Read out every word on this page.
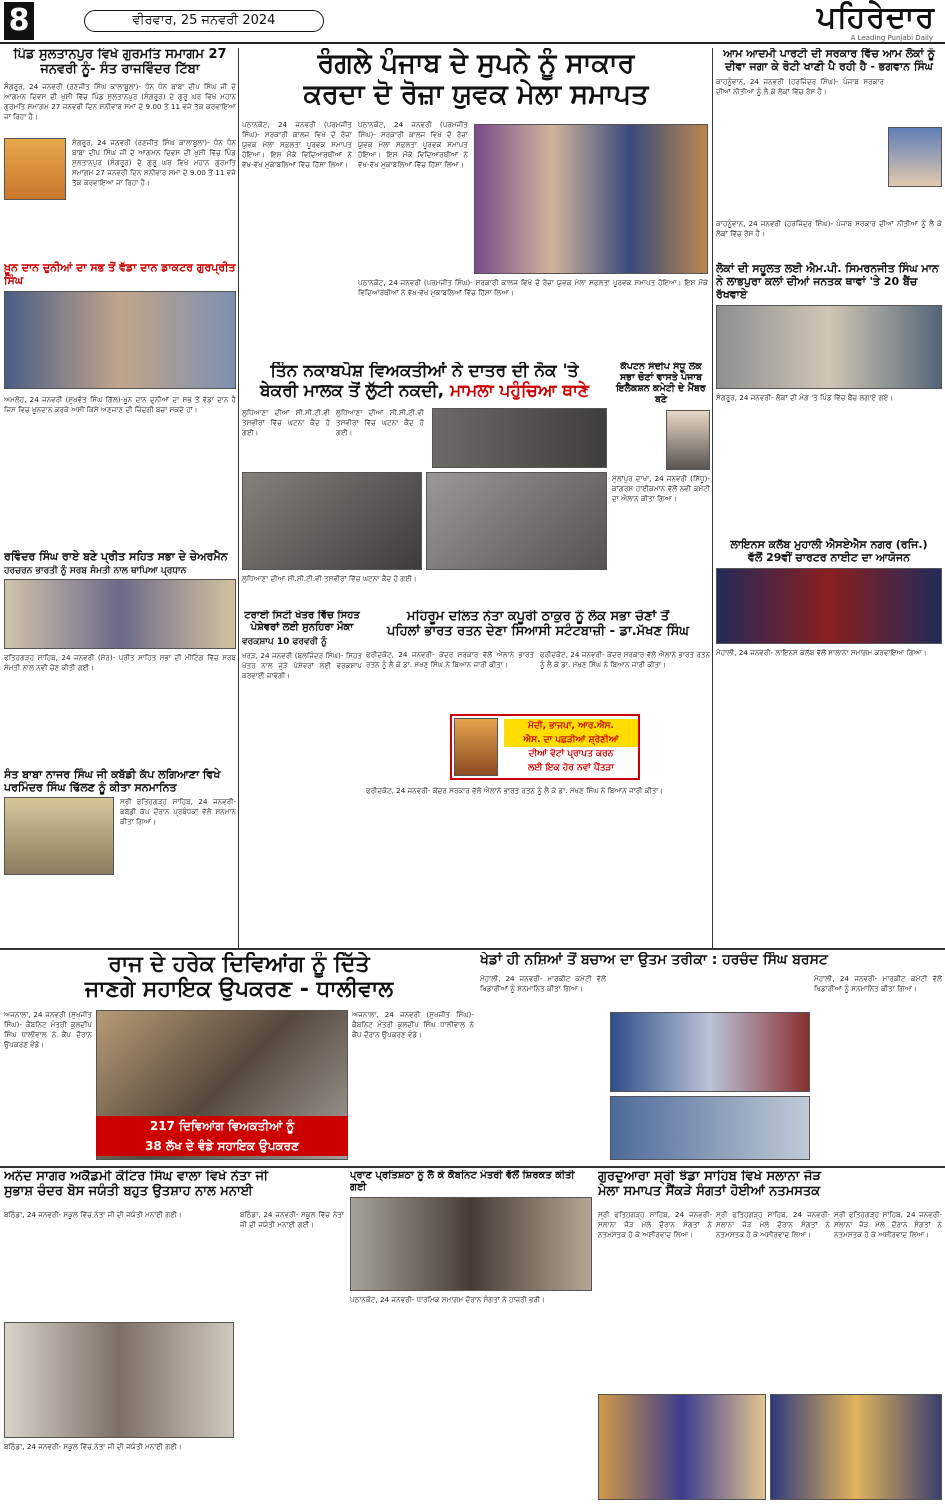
8	ਵੀਰਵਾਰ, 25 ਜਨਵਰੀ 2024	ਪਹਿਰੇਦਾਰ
A Leading Punjabi Daily
ਪਿੰਡ ਸੁਲਤਾਨਪੁਰ ਵਿਖੇ ਗੁਰਮਤਿ ਸਮਾਗਮ 27 ਜਨਵਰੀ ਨੂੰ- ਸੰਤ ਰਾਜਵਿੰਦਰ ਟਿੱਬਾ
ਸੰਗਰੂਰ, 24 ਜਨਵਰੀ (ਰਣਜੀਤ ਸਿੰਘ ਕਾਲਾਬੂਲਾ)- ਧੰਨ ਧੰਨ ਬਾਬਾ ਦੀਪ ਸਿੰਘ ਜੀ ਦੇ ਆਗਮਨ ਦਿਵਸ ਦੀ ਖੁਸ਼ੀ ਵਿੱਚ ਪਿੰਡ ਸੁਲਤਾਨਪੁਰ (ਸੰਗਰੂਰ) ਦੇ ਗੁਰੂ ਘਰ ਵਿਖੇ ਮਹਾਨ ਗੁਰਮਤਿ ਸਮਾਗਮ 27 ਜਨਵਰੀ ਦਿਨ ਸ਼ਨੀਵਾਰ ਸਮਾਂ ਦੇ 9.00 ਤੋਂ 11 ਵਜੇ ਤੱਕ ਕਰਵਾਇਆ ਜਾ ਰਿਹਾ ਹੈ।
ਸੰਗਰੂਰ, 24 ਜਨਵਰੀ (ਰਣਜੀਤ ਸਿੰਘ ਕਾਲਾਬੂਲਾ)- ਧੰਨ ਧੰਨ ਬਾਬਾ ਦੀਪ ਸਿੰਘ ਜੀ ਦੇ ਆਗਮਨ ਦਿਵਸ ਦੀ ਖੁਸ਼ੀ ਵਿੱਚ ਪਿੰਡ ਸੁਲਤਾਨਪੁਰ (ਸੰਗਰੂਰ) ਦੇ ਗੁਰੂ ਘਰ ਵਿਖੇ ਮਹਾਨ ਗੁਰਮਤਿ ਸਮਾਗਮ 27 ਜਨਵਰੀ ਦਿਨ ਸ਼ਨੀਵਾਰ ਸਮਾਂ ਦੇ 9.00 ਤੋਂ 11 ਵਜੇ ਤੱਕ ਕਰਵਾਇਆ ਜਾ ਰਿਹਾ ਹੈ।
ਖ਼ੂਨ ਦਾਨ ਦੁਨੀਆਂ ਦਾ ਸਭ ਤੋਂ ਵੱਡਾ ਦਾਨ ਡਾਕਟਰ ਗੁਰਪ੍ਰੀਤ ਸਿੰਘ
ਅਮਲੋਹ, 24 ਜਨਵਰੀ (ਸੁਖਵੰਤ ਸਿੰਘ ਗਿੱਲ)-ਖ਼ੂਨ ਦਾਨ ਦੁਨੀਆਂ ਦਾ ਸਭ ਤੋਂ ਵੱਡਾ ਦਾਨ ਹੈ ਜਿਸ ਵਿਚ ਖ਼ੂਨਦਾਨ ਕਰਕੇ ਅਸੀਂ ਕਿਸੇ ਅਣਜਾਣ ਦੀ ਜ਼ਿੰਦਗੀ ਬਚਾ ਸਕਦੇ ਹਾਂ।
ਰਵਿੰਦਰ ਸਿੰਘ ਰਾਏ ਬਣੇ ਪ੍ਰੀਤ ਸਹਿਤ ਸਭਾ ਦੇ ਚੇਅਰਮੈਨ
ਹਰਚਰਨ ਭਾਰਤੀ ਨੂੰ ਸਰਬ ਸੰਮਤੀ ਨਾਲ ਥਾਪਿਆ ਪ੍ਰਧਾਨ
ਫਤਿਹਗੜ੍ਹ ਸਾਹਿਬ, 24 ਜਨਵਰੀ (ਸ਼ੇਰ)- ਪ੍ਰੀਤ ਸਾਹਿਤ ਸਭਾ ਦੀ ਮੀਟਿੰਗ ਵਿੱਚ ਸਰਬ ਸੰਮਤੀ ਨਾਲ ਨਵੀਂ ਚੋਣ ਕੀਤੀ ਗਈ।
ਸੰਤ ਬਾਬਾ ਨਾਜਰ ਸਿੰਘ ਜੀ ਕਬੱਡੀ ਕੱਪ ਲਗਿਆਣਾ ਵਿਖੇ ਪਰਮਿੰਦਰ ਸਿੰਘ ਢਿੱਲਣ ਨੂੰ ਕੀਤਾ ਸਨਮਾਨਿਤ
ਸ੍ਰੀ ਫਤਿਹਗੜ੍ਹ ਸਾਹਿਬ, 24 ਜਨਵਰੀ- ਕਬੱਡੀ ਕੱਪ ਦੌਰਾਨ ਪ੍ਰਬੰਧਕਾਂ ਵੱਲੋਂ ਸਨਮਾਨ ਕੀਤਾ ਗਿਆ।
ਰੰਗਲੇ ਪੰਜਾਬ ਦੇ ਸੁਪਨੇ ਨੂੰ ਸਾਕਾਰ
ਕਰਦਾ ਦੋ ਰੋਜ਼ਾ ਯੁਵਕ ਮੇਲਾ ਸਮਾਪਤ
ਪਠਾਨਕੋਟ, 24 ਜਨਵਰੀ (ਪਰਮਜੀਤ ਸਿੰਘ)- ਸਰਕਾਰੀ ਕਾਲਜ ਵਿਖੇ ਦੋ ਰੋਜ਼ਾ ਯੁਵਕ ਮੇਲਾ ਸਫ਼ਲਤਾ ਪੂਰਵਕ ਸਮਾਪਤ ਹੋਇਆ। ਇਸ ਮੌਕੇ ਵਿਦਿਆਰਥੀਆਂ ਨੇ ਵੱਖ-ਵੱਖ ਮੁਕਾਬਲਿਆਂ ਵਿੱਚ ਹਿੱਸਾ ਲਿਆ।
ਪਠਾਨਕੋਟ, 24 ਜਨਵਰੀ (ਪਰਮਜੀਤ ਸਿੰਘ)- ਸਰਕਾਰੀ ਕਾਲਜ ਵਿਖੇ ਦੋ ਰੋਜ਼ਾ ਯੁਵਕ ਮੇਲਾ ਸਫ਼ਲਤਾ ਪੂਰਵਕ ਸਮਾਪਤ ਹੋਇਆ। ਇਸ ਮੌਕੇ ਵਿਦਿਆਰਥੀਆਂ ਨੇ ਵੱਖ-ਵੱਖ ਮੁਕਾਬਲਿਆਂ ਵਿੱਚ ਹਿੱਸਾ ਲਿਆ।
ਪਠਾਨਕੋਟ, 24 ਜਨਵਰੀ (ਪਰਮਜੀਤ ਸਿੰਘ)- ਸਰਕਾਰੀ ਕਾਲਜ ਵਿਖੇ ਦੋ ਰੋਜ਼ਾ ਯੁਵਕ ਮੇਲਾ ਸਫ਼ਲਤਾ ਪੂਰਵਕ ਸਮਾਪਤ ਹੋਇਆ। ਇਸ ਮੌਕੇ ਵਿਦਿਆਰਥੀਆਂ ਨੇ ਵੱਖ-ਵੱਖ ਮੁਕਾਬਲਿਆਂ ਵਿੱਚ ਹਿੱਸਾ ਲਿਆ।
ਤਿੰਨ ਨਕਾਬਪੋਸ਼ ਵਿਅਕਤੀਆਂ ਨੇ ਦਾਤਰ ਦੀ ਨੋਕ 'ਤੇ
ਬੇਕਰੀ ਮਾਲਕ ਤੋਂ ਲੁੱਟੀ ਨਕਦੀ, ਮਾਮਲਾ ਪਹੁੰਚਿਆ ਥਾਣੇ
ਲੁਧਿਆਣਾ ਦੀਆਂ ਸੀ.ਸੀ.ਟੀ.ਵੀ ਤਸਵੀਰਾਂ ਵਿੱਚ ਘਟਨਾ ਕੈਦ ਹੋ ਗਈ।
ਲੁਧਿਆਣਾ ਦੀਆਂ ਸੀ.ਸੀ.ਟੀ.ਵੀ ਤਸਵੀਰਾਂ ਵਿੱਚ ਘਟਨਾ ਕੈਦ ਹੋ ਗਈ।
ਲੁਧਿਆਣਾ ਦੀਆਂ ਸੀ.ਸੀ.ਟੀ.ਵੀ ਤਸਵੀਰਾਂ ਵਿੱਚ ਘਟਨਾ ਕੈਦ ਹੋ ਗਈ।
ਕੈਪਟਨ ਸੰਦੀਪ ਸੰਧੂ ਲੋਕ ਸਭਾ ਚੋਣਾਂ ਵਾਸਤੇ ਪੰਜਾਬ ਇਲੈਕਸ਼ਨ ਕਮੇਟੀ ਦੇ ਮੈਂਬਰ ਬਣੇ
ਮੁੱਲਾਂਪੁਰ ਦਾਖਾ, 24 ਜਨਵਰੀ (ਸਿੱਧੂ)- ਕਾਂਗਰਸ ਹਾਈਕਮਾਨ ਵੱਲੋਂ ਨਵੀਂ ਕਮੇਟੀ ਦਾ ਐਲਾਨ ਕੀਤਾ ਗਿਆ।
ਟਰਾਈ ਸਿਟੀ ਖੇਤਰ ਵਿੱਚ ਸਿਹਤ ਪੇਸ਼ੇਵਰਾਂ ਲਈ ਸੁਨਹਿਰਾ ਮੌਕਾ
ਵਰਕਸ਼ਾਪ 10 ਫਰਵਰੀ ਨੂੰ
ਖਰੜ, 24 ਜਨਵਰੀ (ਬਲਜਿੰਦਰ ਸਿੰਘ)- ਸਿਹਤ ਖੇਤਰ ਨਾਲ ਜੁੜੇ ਪੇਸ਼ੇਵਰਾਂ ਲਈ ਵਰਕਸ਼ਾਪ ਕਰਵਾਈ ਜਾਵੇਗੀ।
ਮਹਿਰੂਮ ਦਲਿਤ ਨੇਤਾ ਕਪੂਰੀ ਠਾਕੁਰ ਨੂੰ ਲੋਕ ਸਭਾ ਚੋਣਾਂ ਤੋਂ
ਪਹਿਲਾਂ ਭਾਰਤ ਰਤਨ ਦੇਣਾ ਸਿਆਸੀ ਸਟੰਟਬਾਜ਼ੀ - ਡਾ.ਮੱਖਣ ਸਿੰਘ
ਫਰੀਦਕੋਟ, 24 ਜਨਵਰੀ- ਕੇਂਦਰ ਸਰਕਾਰ ਵੱਲੋਂ ਐਲਾਨੇ ਭਾਰਤ ਰਤਨ ਨੂੰ ਲੈ ਕੇ ਡਾ. ਮੱਖਣ ਸਿੰਘ ਨੇ ਬਿਆਨ ਜਾਰੀ ਕੀਤਾ।
ਫਰੀਦਕੋਟ, 24 ਜਨਵਰੀ- ਕੇਂਦਰ ਸਰਕਾਰ ਵੱਲੋਂ ਐਲਾਨੇ ਭਾਰਤ ਰਤਨ ਨੂੰ ਲੈ ਕੇ ਡਾ. ਮੱਖਣ ਸਿੰਘ ਨੇ ਬਿਆਨ ਜਾਰੀ ਕੀਤਾ।
ਮੋਦੀ, ਭਾਜਪਾ, ਆਰ.ਐਸ.
ਐਸ. ਦਾ ਪਛੜੀਆਂ ਸ਼੍ਰੇਣੀਆਂ
ਦੀਆਂ ਵੋਟਾਂ ਪ੍ਰਾਪਤ ਕਰਨ
ਲਈ ਇਕ ਹੋਰ ਨਵਾਂ ਪੈਂਤੜਾ
ਫਰੀਦਕੋਟ, 24 ਜਨਵਰੀ- ਕੇਂਦਰ ਸਰਕਾਰ ਵੱਲੋਂ ਐਲਾਨੇ ਭਾਰਤ ਰਤਨ ਨੂੰ ਲੈ ਕੇ ਡਾ. ਮੱਖਣ ਸਿੰਘ ਨੇ ਬਿਆਨ ਜਾਰੀ ਕੀਤਾ।
ਆਮ ਆਦਮੀ ਪਾਰਟੀ ਦੀ ਸਰਕਾਰ ਵਿੱਚ ਆਮ ਲੋਕਾਂ ਨੂੰ ਦੀਵਾ ਜਗਾ ਕੇ ਰੋਟੀ ਖਾਣੀ ਪੈ ਰਹੀ ਹੈ - ਭਗਵਾਨ ਸਿੰਘ
ਕਾਹਨੂੰਵਾਨ, 24 ਜਨਵਰੀ (ਹਰਜਿੰਦਰ ਸਿੰਘ)- ਪੰਜਾਬ ਸਰਕਾਰ ਦੀਆਂ ਨੀਤੀਆਂ ਨੂੰ ਲੈ ਕੇ ਲੋਕਾਂ ਵਿੱਚ ਰੋਸ ਹੈ।
ਕਾਹਨੂੰਵਾਨ, 24 ਜਨਵਰੀ (ਹਰਜਿੰਦਰ ਸਿੰਘ)- ਪੰਜਾਬ ਸਰਕਾਰ ਦੀਆਂ ਨੀਤੀਆਂ ਨੂੰ ਲੈ ਕੇ ਲੋਕਾਂ ਵਿੱਚ ਰੋਸ ਹੈ।
ਲੋਕਾਂ ਦੀ ਸਹੂਲਤ ਲਈ ਐਮ.ਪੀ. ਸਿਮਰਨਜੀਤ ਸਿੰਘ ਮਾਨ ਨੇ ਲਾਭਪੁਰਾ ਕਲਾਂ ਦੀਆਂ ਜਨਤਕ ਥਾਵਾਂ 'ਤੇ 20 ਬੈਂਚ ਰੱਖਵਾਏ
ਸੰਗਰੂਰ, 24 ਜਨਵਰੀ- ਲੋਕਾਂ ਦੀ ਮੰਗ 'ਤੇ ਪਿੰਡ ਵਿੱਚ ਬੈਂਚ ਲਗਾਏ ਗਏ।
ਲਾਇਨਸ ਕਲੱਬ ਮੁਹਾਲੀ ਐਸਏਐਸ ਨਗਰ (ਰਜਿ.)
ਵੱਲੋਂ 29ਵੀਂ ਚਾਰਟਰ ਨਾਈਟ ਦਾ ਆਯੋਜਨ
ਮੋਹਾਲੀ, 24 ਜਨਵਰੀ- ਲਾਇਨਸ ਕਲੱਬ ਵੱਲੋਂ ਸਾਲਾਨਾ ਸਮਾਗਮ ਕਰਵਾਇਆ ਗਿਆ।
ਰਾਜ ਦੇ ਹਰੇਕ ਦਿਵਿਆਂਗ ਨੂੰ ਦਿੱਤੇ
ਜਾਣਗੇ ਸਹਾਇਕ ਉਪਕਰਣ - ਧਾਲੀਵਾਲ
ਅਜਨਾਲਾ, 24 ਜਨਵਰੀ (ਸੁਖਜੀਤ ਸਿੰਘ)- ਕੈਬਨਿਟ ਮੰਤਰੀ ਕੁਲਦੀਪ ਸਿੰਘ ਧਾਲੀਵਾਲ ਨੇ ਕੈਂਪ ਦੌਰਾਨ ਉਪਕਰਣ ਵੰਡੇ।
ਅਜਨਾਲਾ, 24 ਜਨਵਰੀ (ਸੁਖਜੀਤ ਸਿੰਘ)- ਕੈਬਨਿਟ ਮੰਤਰੀ ਕੁਲਦੀਪ ਸਿੰਘ ਧਾਲੀਵਾਲ ਨੇ ਕੈਂਪ ਦੌਰਾਨ ਉਪਕਰਣ ਵੰਡੇ।
217 ਦਿਵਿਆਂਗ ਵਿਅਕਤੀਆਂ ਨੂੰ
38 ਲੱਖ ਦੇ ਵੰਡੇ ਸਹਾਇਕ ਉਪਕਰਣ
ਖੇਡਾਂ ਹੀ ਨਸ਼ਿਆਂ ਤੋਂ ਬਚਾਅ ਦਾ ਉਤਮ ਤਰੀਕਾ : ਹਰਚੰਦ ਸਿੰਘ ਬਰਸਟ
ਮੋਹਾਲੀ, 24 ਜਨਵਰੀ- ਮਾਰਕੀਟ ਕਮੇਟੀ ਵੱਲੋਂ ਖਿਡਾਰੀਆਂ ਨੂੰ ਸਨਮਾਨਿਤ ਕੀਤਾ ਗਿਆ।
ਮੋਹਾਲੀ, 24 ਜਨਵਰੀ- ਮਾਰਕੀਟ ਕਮੇਟੀ ਵੱਲੋਂ ਖਿਡਾਰੀਆਂ ਨੂੰ ਸਨਮਾਨਿਤ ਕੀਤਾ ਗਿਆ।
ਅਨੰਦ ਸਾਗਰ ਅਕੈਡਮੀ ਕੋਟਿਰ ਸਿੰਘ ਵਾਲਾ ਵਿਖੇ ਨੇਤਾ ਜੀ
ਸੁਭਾਸ਼ ਚੰਦਰ ਬੋਸ ਜਯੰਤੀ ਬਹੁਤ ਉਤਸ਼ਾਹ ਨਾਲ ਮਨਾਈ
ਬਠਿੰਡਾ, 24 ਜਨਵਰੀ- ਸਕੂਲ ਵਿੱਚ ਨੇਤਾ ਜੀ ਦੀ ਜਯੰਤੀ ਮਨਾਈ ਗਈ।	ਬਠਿੰਡਾ, 24 ਜਨਵਰੀ- ਸਕੂਲ ਵਿੱਚ ਨੇਤਾ ਜੀ ਦੀ ਜਯੰਤੀ ਮਨਾਈ ਗਈ।
ਬਠਿੰਡਾ, 24 ਜਨਵਰੀ- ਸਕੂਲ ਵਿੱਚ ਨੇਤਾ ਜੀ ਦੀ ਜਯੰਤੀ ਮਨਾਈ ਗਈ।
ਪ੍ਰਾਣ ਪ੍ਰਤਿਸ਼ਠਾ ਨੂੰ ਲੈ ਕੇ ਕੈਬਨਿਟ ਮੰਤਰੀ ਵੱਲੋਂ ਸ਼ਿਰਕਤ ਕੀਤੀ ਗਈ
ਪਠਾਨਕੋਟ, 24 ਜਨਵਰੀ- ਧਾਰਮਿਕ ਸਮਾਗਮ ਦੌਰਾਨ ਸੰਗਤਾਂ ਨੇ ਹਾਜ਼ਰੀ ਭਰੀ।
ਗੁਰਦੁਆਰਾ ਸ੍ਰੀ ਝੰਡਾ ਸਾਹਿਬ ਵਿਖੇ ਸਲਾਨਾ ਜੋੜ
ਮੇਲਾ ਸਮਾਪਤ ਸੈਂਕੜੇ ਸੰਗਤਾਂ ਹੋਈਆਂ ਨਤਮਸਤਕ
ਸ੍ਰੀ ਫਤਿਹਗੜ੍ਹ ਸਾਹਿਬ, 24 ਜਨਵਰੀ- ਸਲਾਨਾ ਜੋੜ ਮੇਲੇ ਦੌਰਾਨ ਸੰਗਤਾਂ ਨੇ ਨਤਮਸਤਕ ਹੋ ਕੇ ਅਸ਼ੀਰਵਾਦ ਲਿਆ।
ਸ੍ਰੀ ਫਤਿਹਗੜ੍ਹ ਸਾਹਿਬ, 24 ਜਨਵਰੀ- ਸਲਾਨਾ ਜੋੜ ਮੇਲੇ ਦੌਰਾਨ ਸੰਗਤਾਂ ਨੇ ਨਤਮਸਤਕ ਹੋ ਕੇ ਅਸ਼ੀਰਵਾਦ ਲਿਆ।
ਸ੍ਰੀ ਫਤਿਹਗੜ੍ਹ ਸਾਹਿਬ, 24 ਜਨਵਰੀ- ਸਲਾਨਾ ਜੋੜ ਮੇਲੇ ਦੌਰਾਨ ਸੰਗਤਾਂ ਨੇ ਨਤਮਸਤਕ ਹੋ ਕੇ ਅਸ਼ੀਰਵਾਦ ਲਿਆ।
